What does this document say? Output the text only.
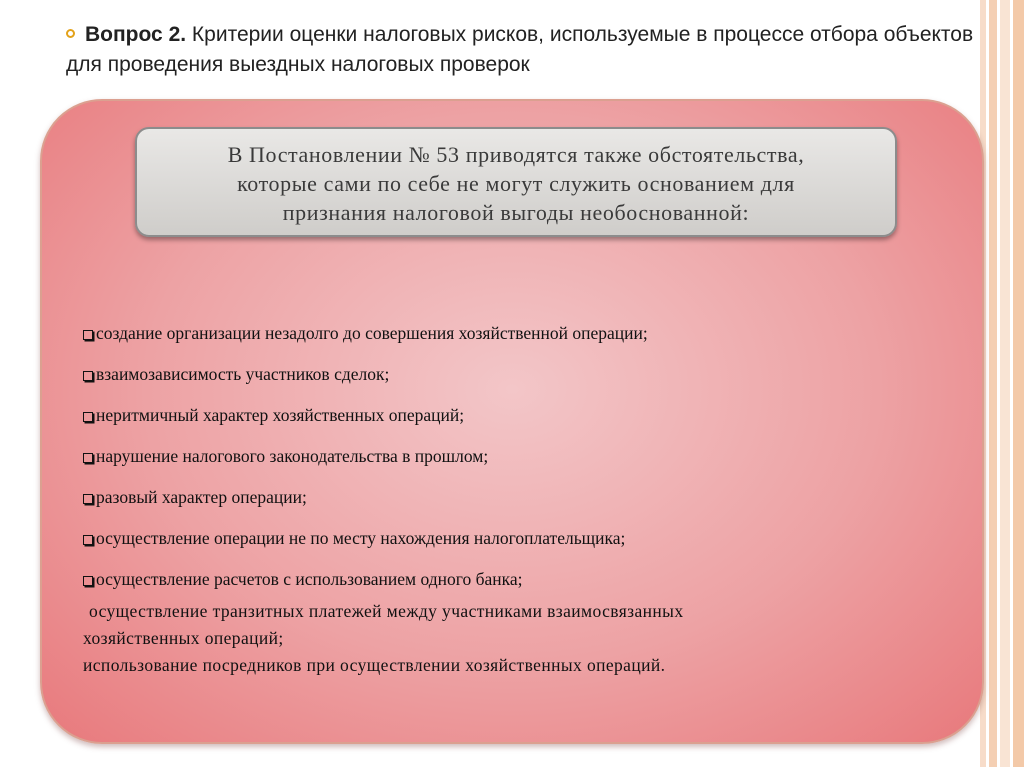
Вопрос 2. Критерии оценки налоговых рисков, используемые в процессе отбора объектов для проведения выездных налоговых проверок
В Постановлении № 53 приводятся также обстоятельства,
которые сами по себе не могут служить основанием для
признания налоговой выгоды необоснованной:
создание организации незадолго до совершения хозяйственной операции;
взаимозависимость участников сделок;
неритмичный характер хозяйственных операций;
нарушение налогового законодательства в прошлом;
разовый характер операции;
осуществление операции не по месту нахождения налогоплательщика;
осуществление расчетов с использованием одного банка;
осуществление транзитных платежей между участниками взаимосвязанных
хозяйственных операций;
использование посредников при осуществлении хозяйственных операций.
